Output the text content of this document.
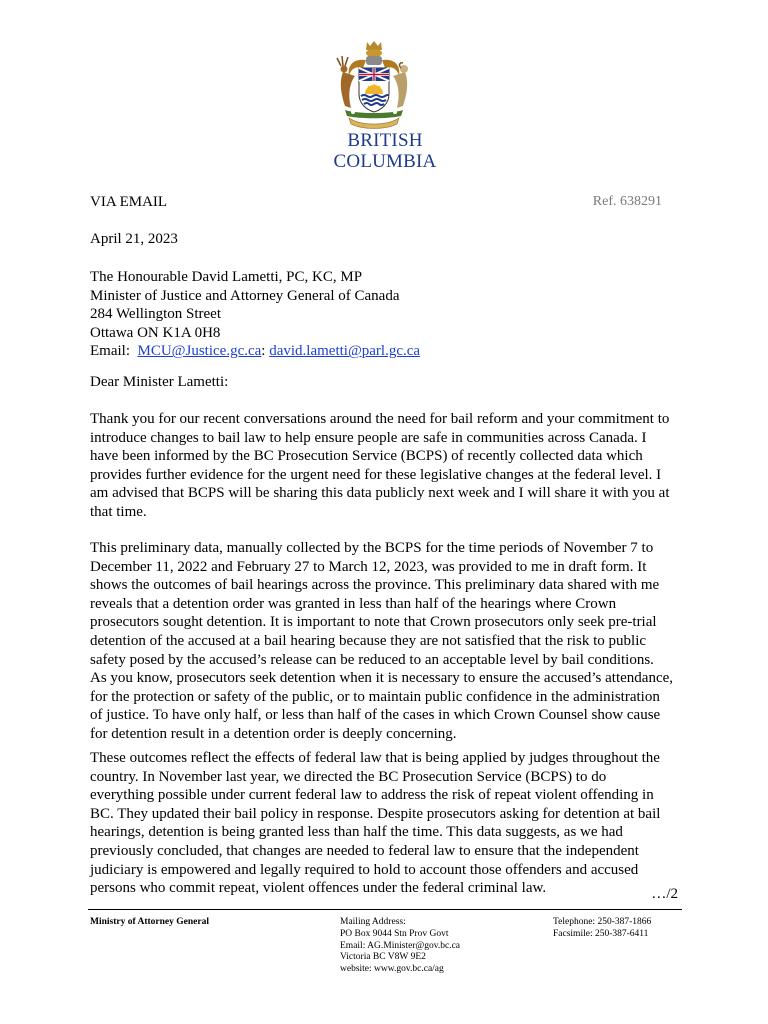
BRITISH
COLUMBIA
VIA EMAIL	Ref. 638291
April 21, 2023
The Honourable David Lametti, PC, KC, MP
Minister of Justice and Attorney General of Canada
284 Wellington Street
Ottawa ON K1A 0H8
Email: MCU@Justice.gc.ca: david.lametti@parl.gc.ca
Dear Minister Lametti:
Thank you for our recent conversations around the need for bail reform and your commitment to
introduce changes to bail law to help ensure people are safe in communities across Canada. I
have been informed by the BC Prosecution Service (BCPS) of recently collected data which
provides further evidence for the urgent need for these legislative changes at the federal level. I
am advised that BCPS will be sharing this data publicly next week and I will share it with you at
that time.
This preliminary data, manually collected by the BCPS for the time periods of November 7 to
December 11, 2022 and February 27 to March 12, 2023, was provided to me in draft form. It
shows the outcomes of bail hearings across the province. This preliminary data shared with me
reveals that a detention order was granted in less than half of the hearings where Crown
prosecutors sought detention. It is important to note that Crown prosecutors only seek pre-trial
detention of the accused at a bail hearing because they are not satisfied that the risk to public
safety posed by the accused’s release can be reduced to an acceptable level by bail conditions.
As you know, prosecutors seek detention when it is necessary to ensure the accused’s attendance,
for the protection or safety of the public, or to maintain public confidence in the administration
of justice. To have only half, or less than half of the cases in which Crown Counsel show cause
for detention result in a detention order is deeply concerning.
These outcomes reflect the effects of federal law that is being applied by judges throughout the
country. In November last year, we directed the BC Prosecution Service (BCPS) to do
everything possible under current federal law to address the risk of repeat violent offending in
BC. They updated their bail policy in response. Despite prosecutors asking for detention at bail
hearings, detention is being granted less than half the time. This data suggests, as we had
previously concluded, that changes are needed to federal law to ensure that the independent
judiciary is empowered and legally required to hold to account those offenders and accused
persons who commit repeat, violent offences under the federal criminal law.	…/2
Ministry of Attorney General	Mailing Address:
PO Box 9044 Stn Prov Govt
Email: AG.Minister@gov.bc.ca
Victoria BC V8W 9E2
website: www.gov.bc.ca/ag
Telephone: 250-387-1866
Facsimile: 250-387-6411
